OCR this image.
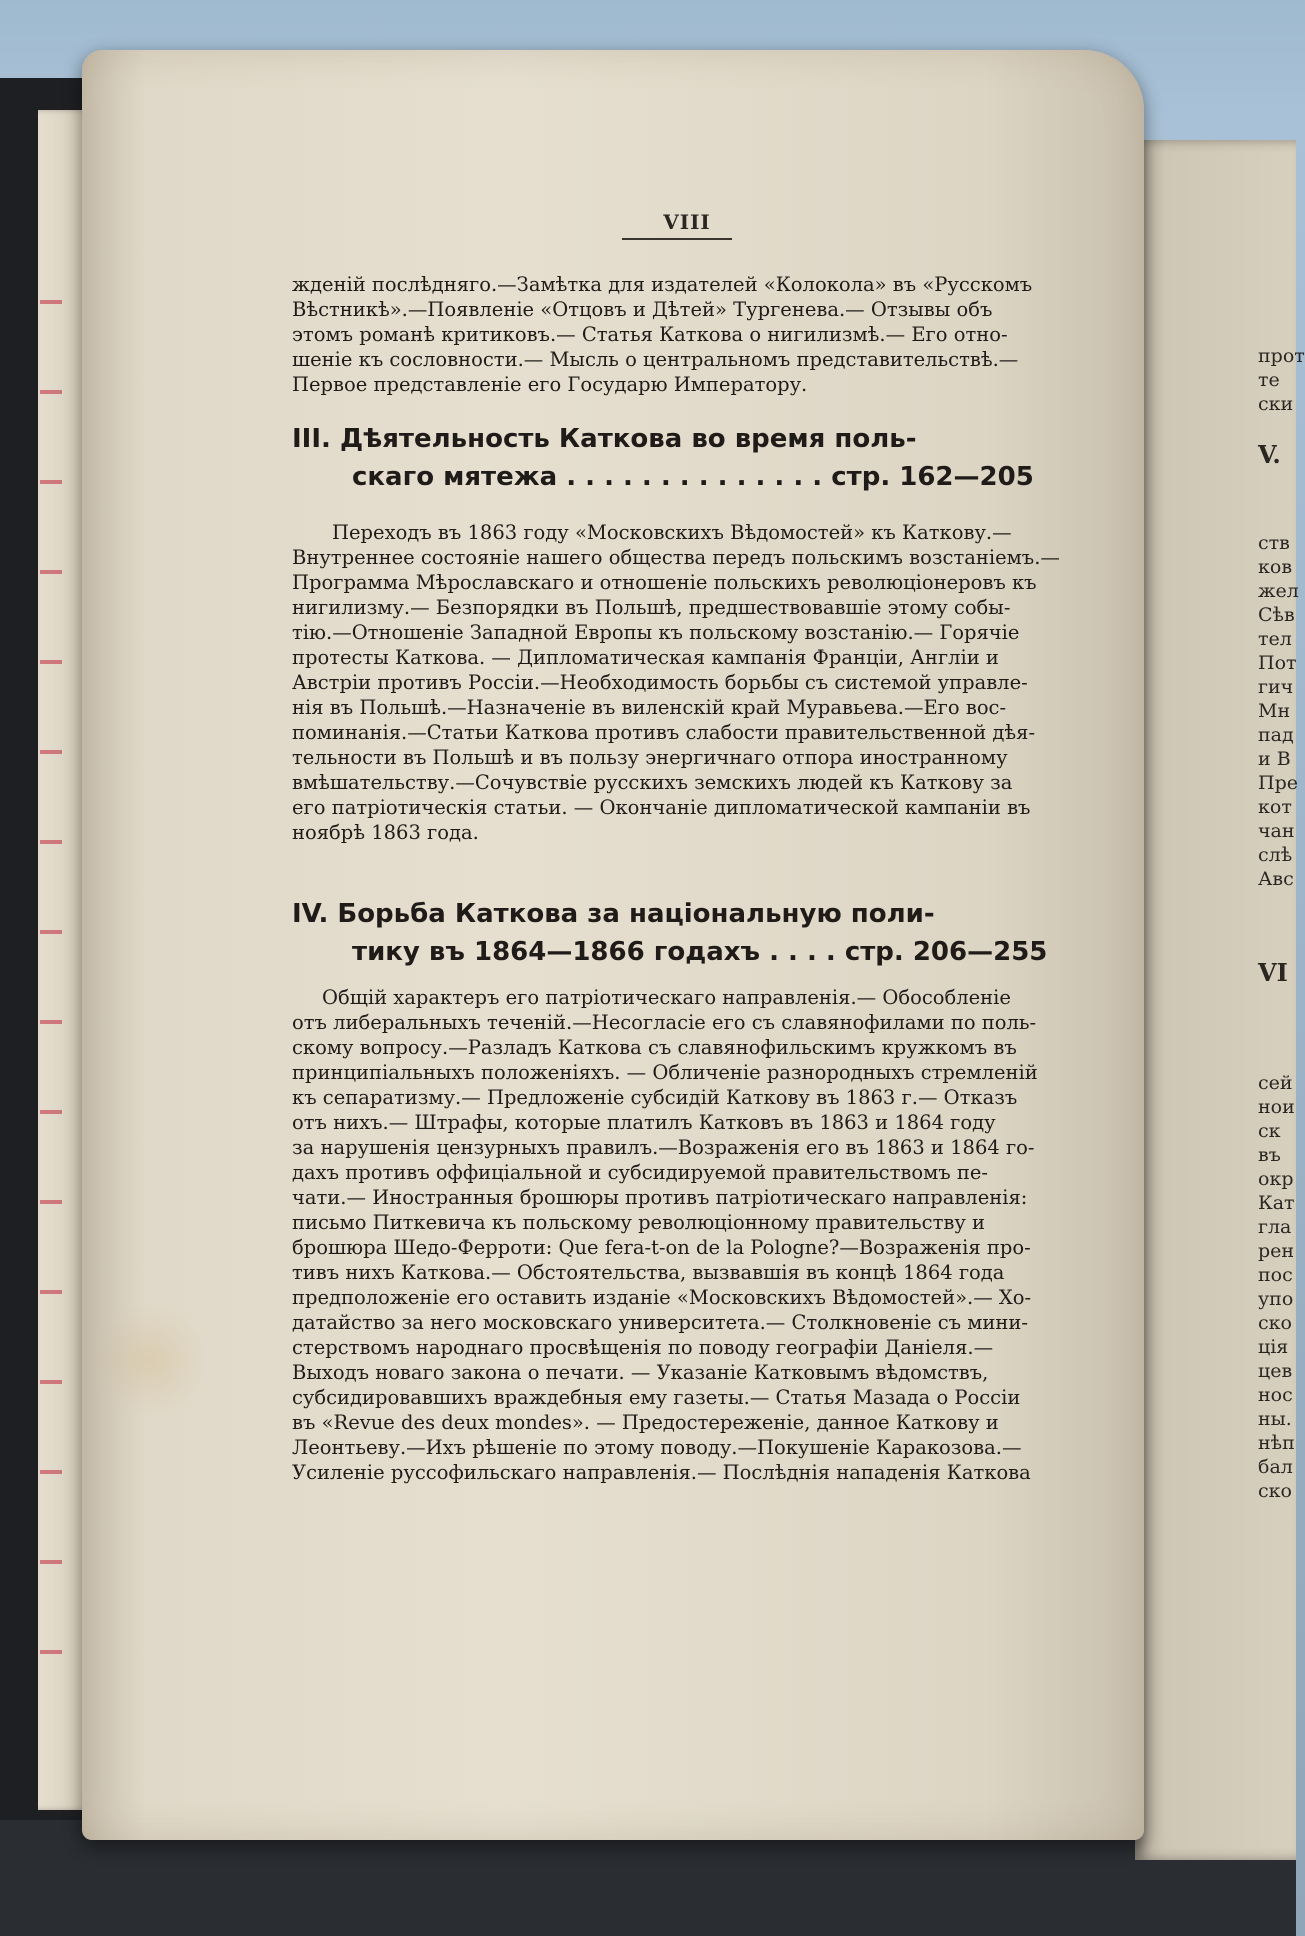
прот
те
ски
V.
ств
ков
жел
Сѣв
тел
Пот
гич
Мн
пад
и В
Пре
кот
чан
слѣ
Авс
VI
сей
нои
ск
въ
окр
Кат
гла
рен
пос
упо
ско
ція
цев
нос
ны.
нѣп
бал
ско
VIII
жденій послѣдняго.—Замѣтка для издателей «Колокола» въ «Русскомъ
Вѣстникѣ».—Появленіе «Отцовъ и Дѣтей» Тургенева.— Отзывы объ
этомъ романѣ критиковъ.— Статья Каткова о нигилизмѣ.— Его отно-
шеніе къ сословности.— Мысль о центральномъ представительствѣ.—
Первое представленіе его Государю Императору.
III. Дѣятельность Каткова во время поль-
скаго мятежа . . . . . . . . . . . . . . стр. 162—205
Переходъ въ 1863 году «Московскихъ Вѣдомостей» къ Каткову.—
Внутреннее состояніе нашего общества передъ польскимъ возстаніемъ.—
Программа Мѣрославскаго и отношеніе польскихъ революціонеровъ къ
нигилизму.— Безпорядки въ Польшѣ, предшествовавшіе этому собы-
тію.—Отношеніе Западной Европы къ польскому возстанію.— Горячіе
протесты Каткова. — Дипломатическая кампанія Франціи, Англіи и
Австріи противъ Россіи.—Необходимость борьбы съ системой управле-
нія въ Польшѣ.—Назначеніе въ виленскій край Муравьева.—Его вос-
поминанія.—Статьи Каткова противъ слабости правительственной дѣя-
тельности въ Польшѣ и въ пользу энергичнаго отпора иностранному
вмѣшательству.—Сочувствіе русскихъ земскихъ людей къ Каткову за
его патріотическія статьи. — Окончаніе дипломатической кампаніи въ
ноябрѣ 1863 года.
IV. Борьба Каткова за національную поли-
тику въ 1864—1866 годахъ . . . . стр. 206—255
Общій характеръ его патріотическаго направленія.— Обособленіе
отъ либеральныхъ теченій.—Несогласіе его съ славянофилами по поль-
скому вопросу.—Разладъ Каткова съ славянофильскимъ кружкомъ въ
принципіальныхъ положеніяхъ. — Обличеніе разнородныхъ стремленій
къ сепаратизму.— Предложеніе субсидій Каткову въ 1863 г.— Отказъ
отъ нихъ.— Штрафы, которые платилъ Катковъ въ 1863 и 1864 году
за нарушенія цензурныхъ правилъ.—Возраженія его въ 1863 и 1864 го-
дахъ противъ оффиціальной и субсидируемой правительствомъ пе-
чати.— Иностранныя брошюры противъ патріотическаго направленія:
письмо Питкевича къ польскому революціонному правительству и
брошюра Шедо-Ферроти: Que fera-t-on de la Pologne?—Возраженія про-
тивъ нихъ Каткова.— Обстоятельства, вызвавшія въ концѣ 1864 года
предположеніе его оставить изданіе «Московскихъ Вѣдомостей».— Хо-
датайство за него московскаго университета.— Столкновеніе съ мини-
стерствомъ народнаго просвѣщенія по поводу географіи Даніеля.—
Выходъ новаго закона о печати. — Указаніе Катковымъ вѣдомствъ,
субсидировавшихъ враждебныя ему газеты.— Статья Мазада о Россіи
въ «Revue des deux mondes». — Предостереженіе, данное Каткову и
Леонтьеву.—Ихъ рѣшеніе по этому поводу.—Покушеніе Каракозова.—
Усиленіе руссофильскаго направленія.— Послѣднія нападенія Каткова
